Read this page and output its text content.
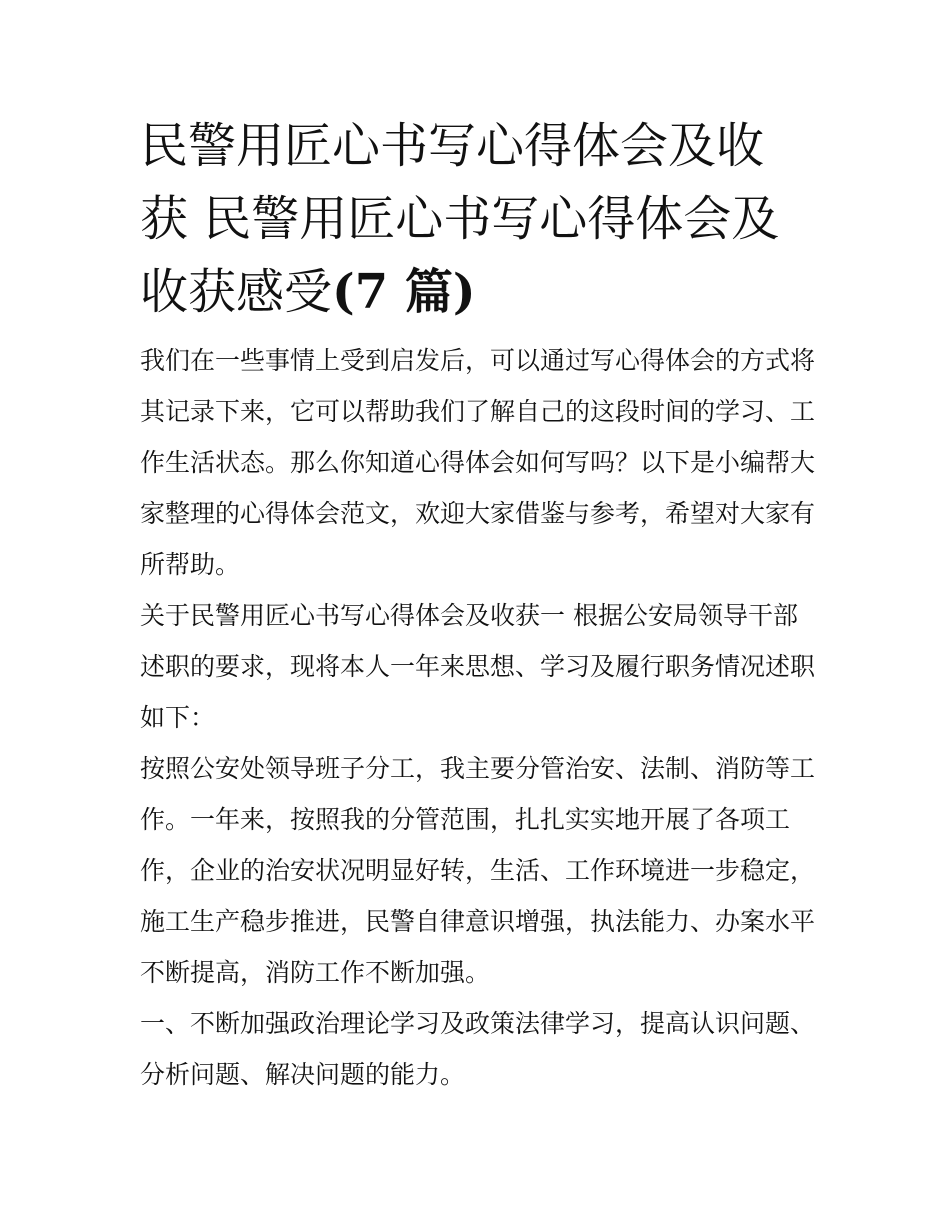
民警用匠心书写心得体会及收
获 民警用匠心书写心得体会及
收获感受(7 篇)
我们在一些事情上受到启发后，可以通过写心得体会的方式将
其记录下来，它可以帮助我们了解自己的这段时间的学习、工
作生活状态。那么你知道心得体会如何写吗？以下是小编帮大
家整理的心得体会范文，欢迎大家借鉴与参考，希望对大家有
所帮助。
关于民警用匠心书写心得体会及收获一 根据公安局领导干部
述职的要求，现将本人一年来思想、学习及履行职务情况述职
如下：
按照公安处领导班子分工，我主要分管治安、法制、消防等工
作。一年来，按照我的分管范围，扎扎实实地开展了各项工
作，企业的治安状况明显好转，生活、工作环境进一步稳定，
施工生产稳步推进，民警自律意识增强，执法能力、办案水平
不断提高，消防工作不断加强。
一、不断加强政治理论学习及政策法律学习，提高认识问题、
分析问题、解决问题的能力。
